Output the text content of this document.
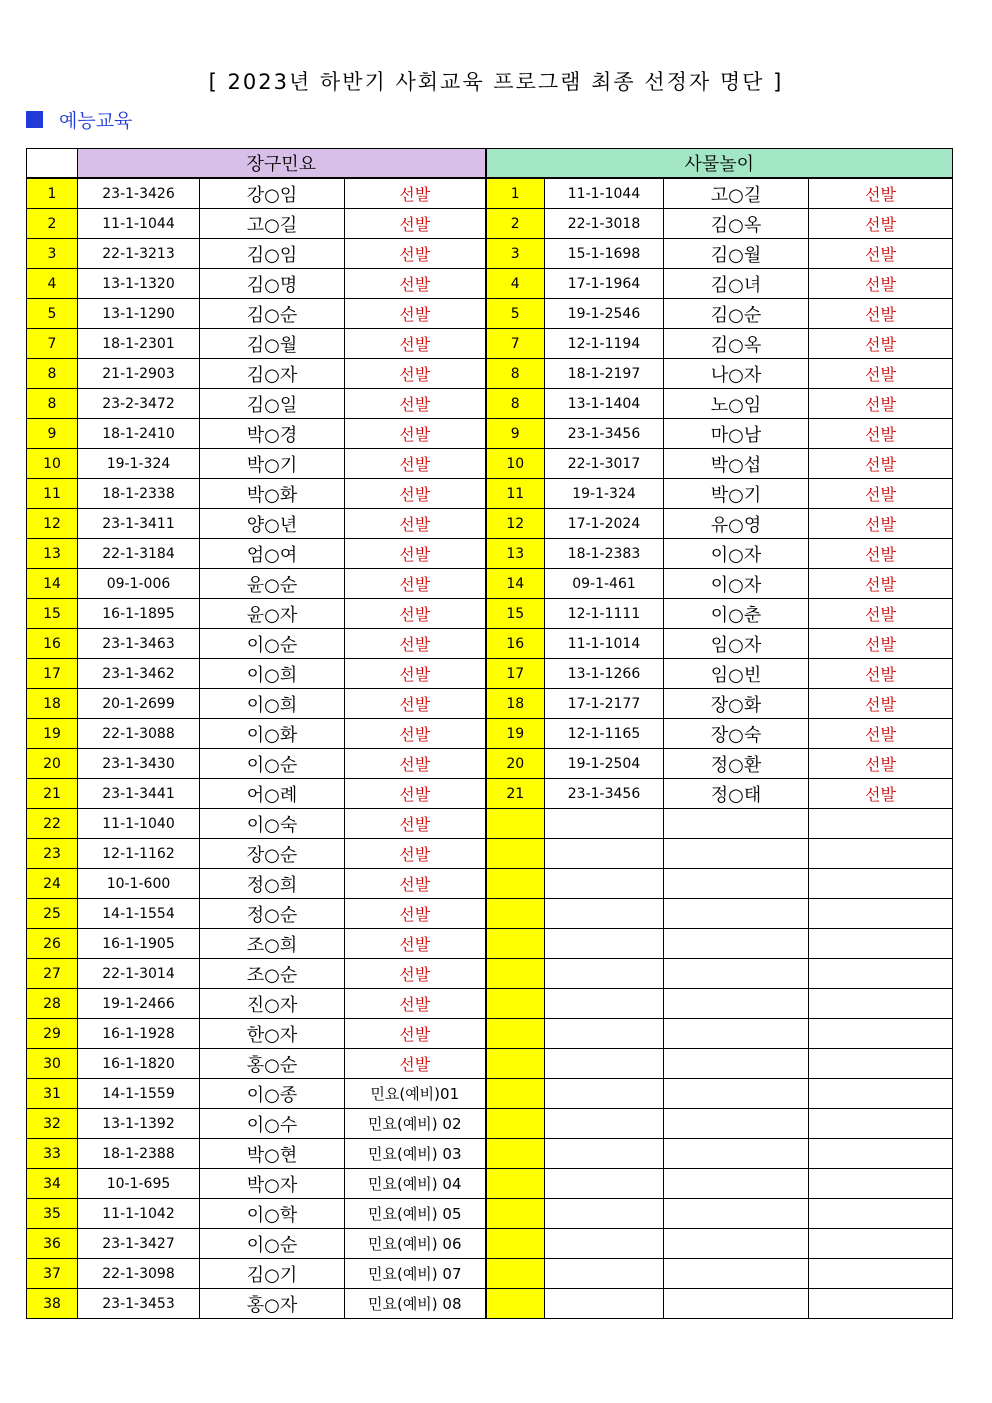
[ 2023년 하반기 사회교육 프로그램 최종 선정자 명단 ]
예능교육
	장구민요			사물놀이			
1	23-1-3426	강○임	선발	1	11-1-1044	고○길	선발
2	11-1-1044	고○길	선발	2	22-1-3018	김○옥	선발
3	22-1-3213	김○임	선발	3	15-1-1698	김○월	선발
4	13-1-1320	김○명	선발	4	17-1-1964	김○녀	선발
5	13-1-1290	김○순	선발	5	19-1-2546	김○순	선발
7	18-1-2301	김○월	선발	7	12-1-1194	김○옥	선발
8	21-1-2903	김○자	선발	8	18-1-2197	나○자	선발
8	23-2-3472	김○일	선발	8	13-1-1404	노○임	선발
9	18-1-2410	박○경	선발	9	23-1-3456	마○남	선발
10	19-1-324	박○기	선발	10	22-1-3017	박○섭	선발
11	18-1-2338	박○화	선발	11	19-1-324	박○기	선발
12	23-1-3411	양○년	선발	12	17-1-2024	유○영	선발
13	22-1-3184	엄○여	선발	13	18-1-2383	이○자	선발
14	09-1-006	윤○순	선발	14	09-1-461	이○자	선발
15	16-1-1895	윤○자	선발	15	12-1-1111	이○춘	선발
16	23-1-3463	이○순	선발	16	11-1-1014	임○자	선발
17	23-1-3462	이○희	선발	17	13-1-1266	임○빈	선발
18	20-1-2699	이○희	선발	18	17-1-2177	장○화	선발
19	22-1-3088	이○화	선발	19	12-1-1165	장○숙	선발
20	23-1-3430	이○순	선발	20	19-1-2504	정○환	선발
21	23-1-3441	어○례	선발	21	23-1-3456	정○태	선발
22	11-1-1040	이○숙	선발				
23	12-1-1162	장○순	선발				
24	10-1-600	정○희	선발				
25	14-1-1554	정○순	선발				
26	16-1-1905	조○희	선발				
27	22-1-3014	조○순	선발				
28	19-1-2466	진○자	선발				
29	16-1-1928	한○자	선발				
30	16-1-1820	홍○순	선발				
31	14-1-1559	이○종	민요(예비)01				
32	13-1-1392	이○수	민요(예비) 02				
33	18-1-2388	박○현	민요(예비) 03				
34	10-1-695	박○자	민요(예비) 04				
35	11-1-1042	이○학	민요(예비) 05				
36	23-1-3427	이○순	민요(예비) 06				
37	22-1-3098	김○기	민요(예비) 07				
38	23-1-3453	홍○자	민요(예비) 08				
